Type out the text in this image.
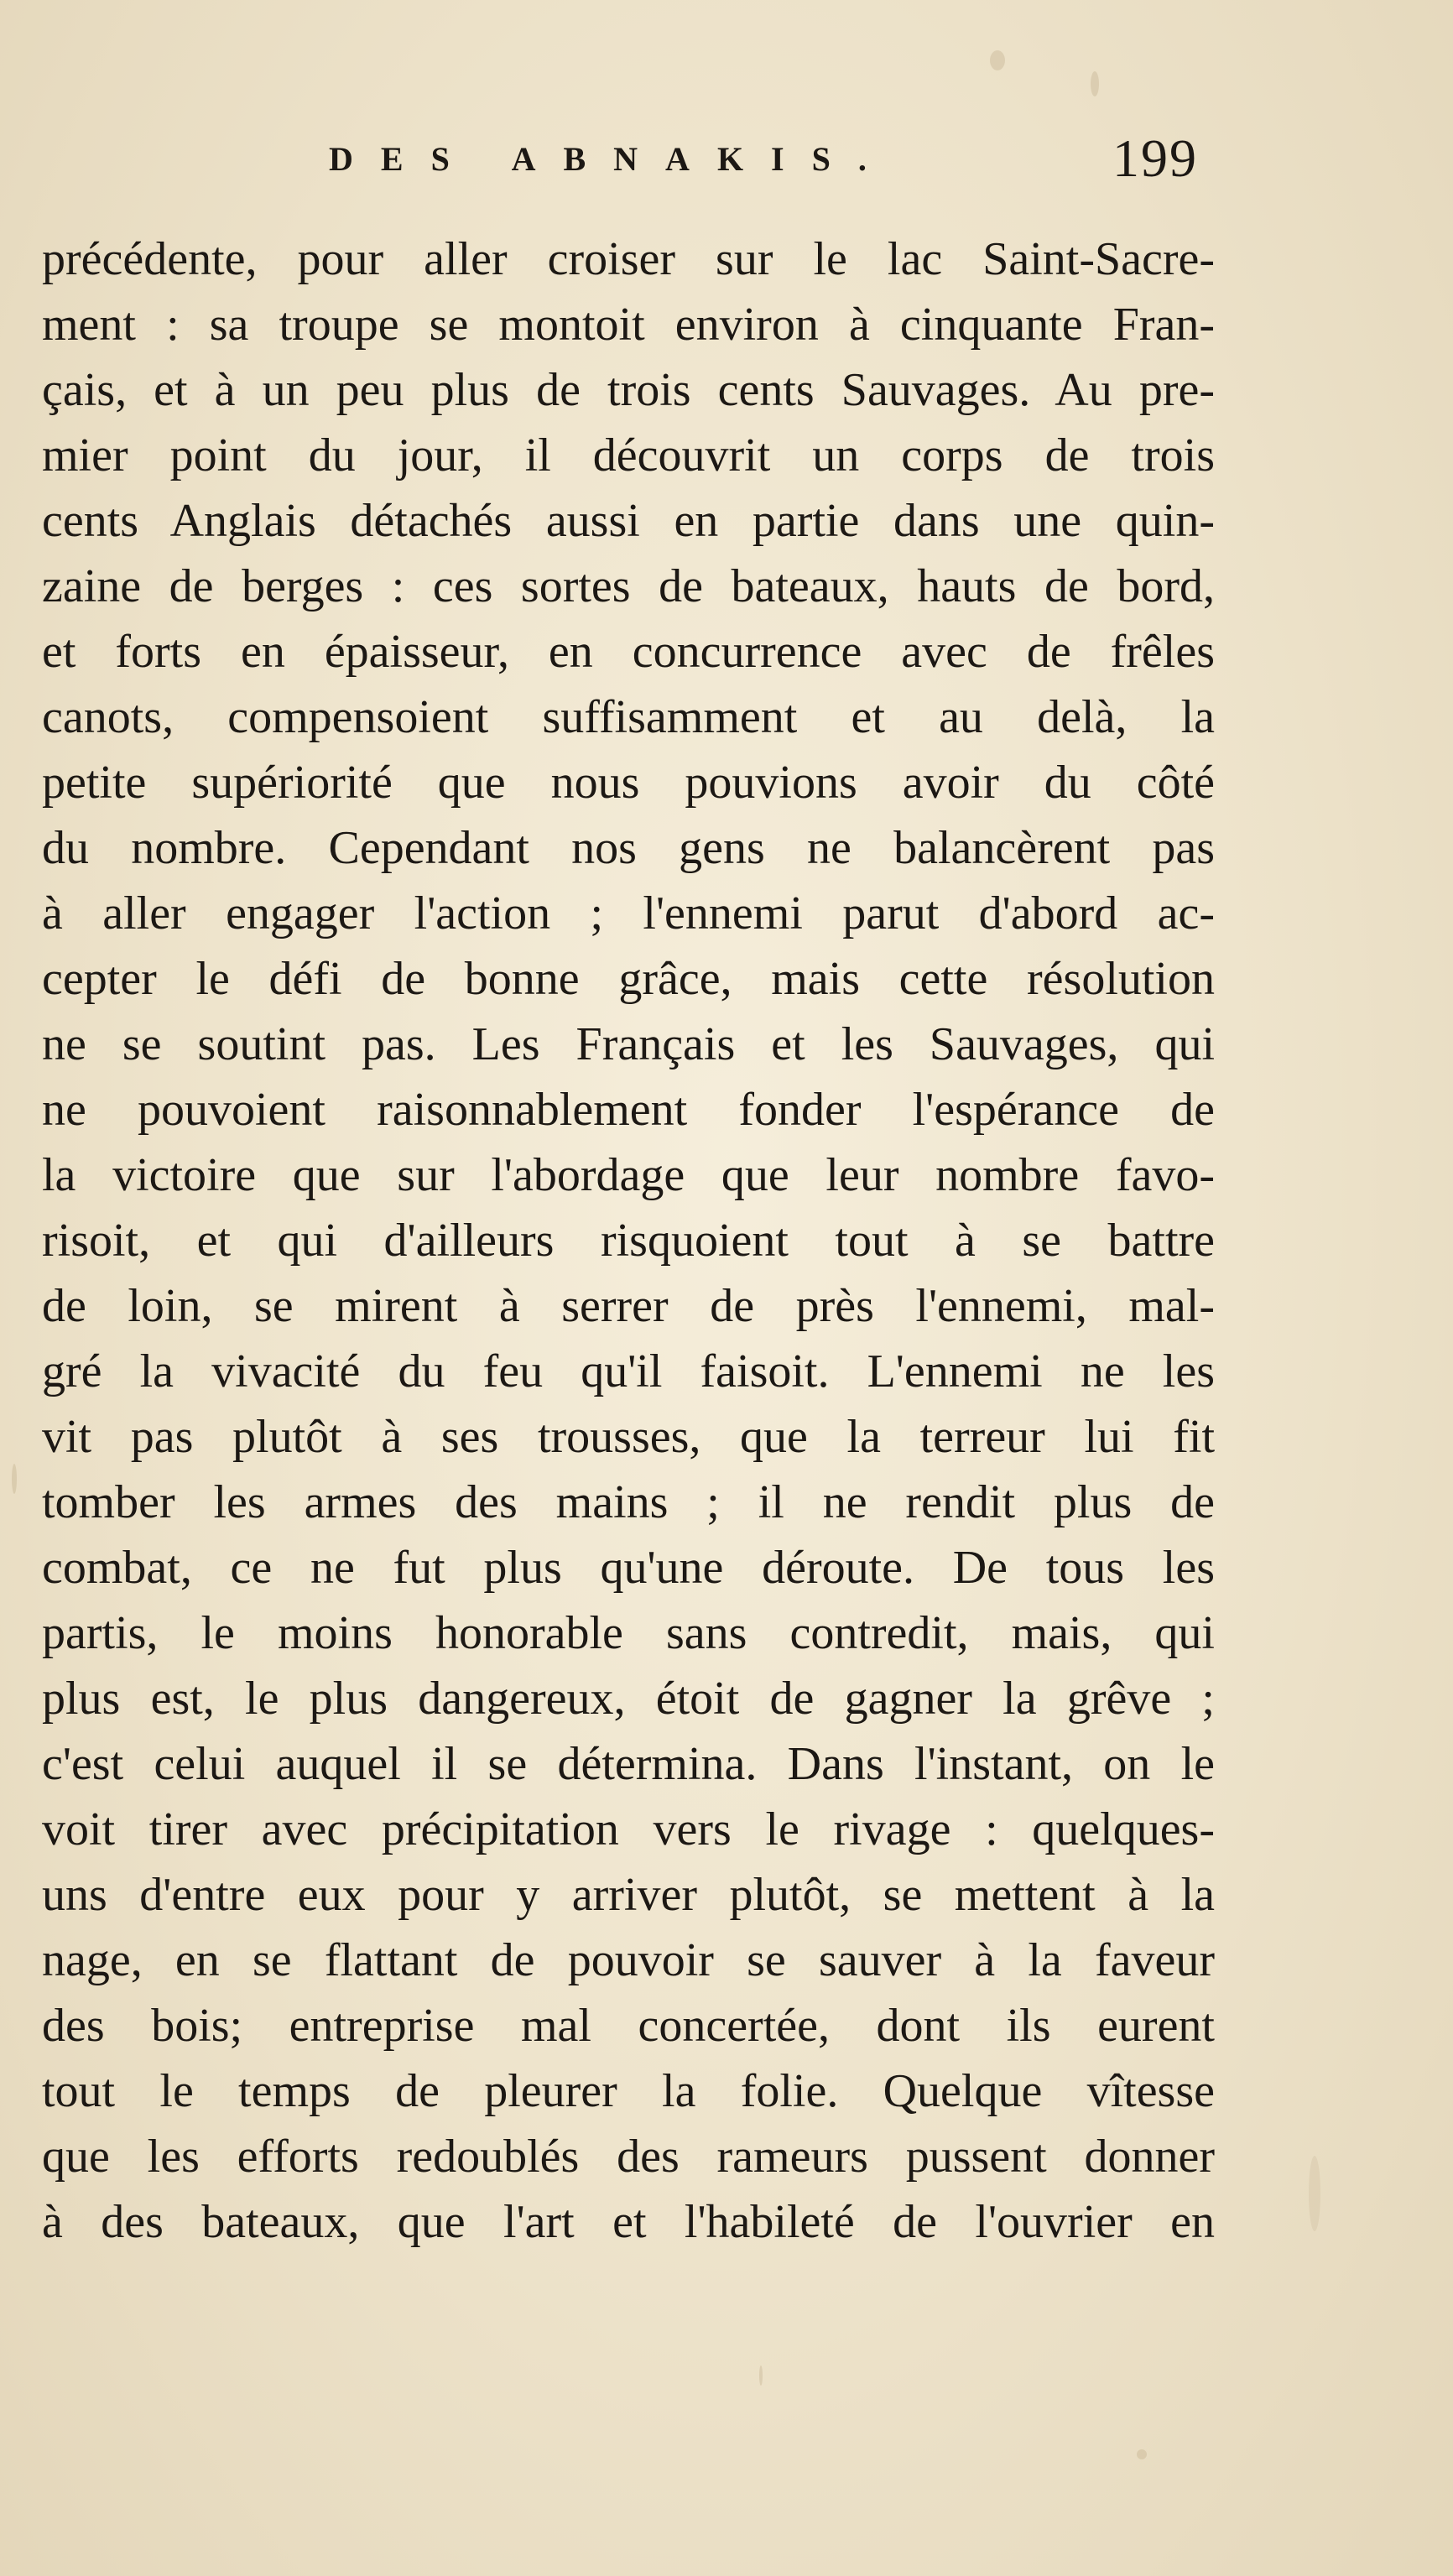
DES ABNAKIS.	199
précédente, pour aller croiser sur le lac Saint-Sacre-
ment : sa troupe se montoit environ à cinquante Fran-
çais, et à un peu plus de trois cents Sauvages. Au pre-
mier point du jour, il découvrit un corps de trois
cents Anglais détachés aussi en partie dans une quin-
zaine de berges : ces sortes de bateaux, hauts de bord,
et forts en épaisseur, en concurrence avec de frêles
canots, compensoient suffisamment et au delà, la
petite supériorité que nous pouvions avoir du côté
du nombre. Cependant nos gens ne balancèrent pas
à aller engager l'action ; l'ennemi parut d'abord ac-
cepter le défi de bonne grâce, mais cette résolution
ne se soutint pas. Les Français et les Sauvages, qui
ne pouvoient raisonnablement fonder l'espérance de
la victoire que sur l'abordage que leur nombre favo-
risoit, et qui d'ailleurs risquoient tout à se battre
de loin, se mirent à serrer de près l'ennemi, mal-
gré la vivacité du feu qu'il faisoit. L'ennemi ne les
vit pas plutôt à ses trousses, que la terreur lui fit
tomber les armes des mains ; il ne rendit plus de
combat, ce ne fut plus qu'une déroute. De tous les
partis, le moins honorable sans contredit, mais, qui
plus est, le plus dangereux, étoit de gagner la grêve ;
c'est celui auquel il se détermina. Dans l'instant, on le
voit tirer avec précipitation vers le rivage : quelques-
uns d'entre eux pour y arriver plutôt, se mettent à la
nage, en se flattant de pouvoir se sauver à la faveur
des bois; entreprise mal concertée, dont ils eurent
tout le temps de pleurer la folie. Quelque vîtesse
que les efforts redoublés des rameurs pussent donner
à des bateaux, que l'art et l'habileté de l'ouvrier en
